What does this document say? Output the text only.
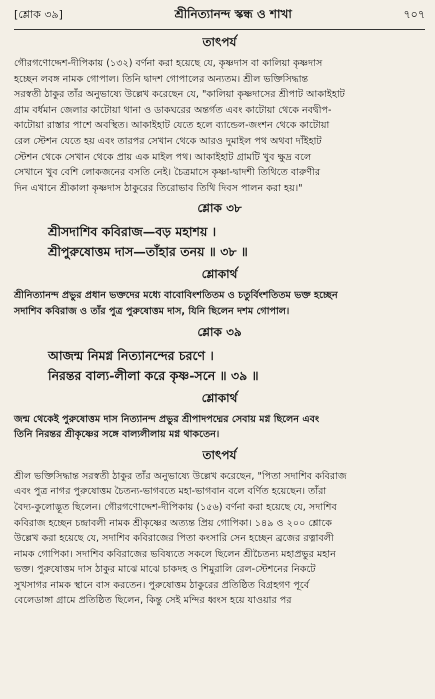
[শ্লোক ৩৯]	শ্রীনিত্যানন্দ স্কন্ধ ও শাখা	৭০৭
তাৎপর্য

গৌরগণোদ্দেশ-দীপিকায় (১৩২) বর্ণনা করা হয়েছে যে, কৃষ্ণদাস বা কালিয়া কৃষ্ণদাস

হচ্ছেন লবঙ্গ নামক গোপাল। তিনি দ্বাদশ গোপালের অন্যতম। শ্রীল ভক্তিসিদ্ধান্ত

সরস্বতী ঠাকুর তাঁর অনুভাষ্যে উল্লেখ করেছেন যে, "কালিয়া কৃষ্ণদাসের শ্রীপাট আকাইহাট

গ্রাম বর্ধমান জেলার কাটোয়া থানা ও ডাকঘরের অন্তর্গত এবং কাটোয়া থেকে নবদ্বীপ-

কাটোয়া রাস্তার পাশে অবস্থিত। আকাইহাট যেতে হলে ব্যান্ডেল-জংশন থেকে কাটোয়া

রেল স্টেশন যেতে হয় এবং তারপর সেখান থেকে আরও দুমাইল পথ অথবা দাঁইহাট

স্টেশন থেকে সেখান থেকে প্রায় এক মাইল পথ। আকাইহাট গ্রামটি খুব ক্ষুদ্র বলে

সেখানে খুব বেশি লোকজনের বসতি নেই। চৈত্রমাসে কৃষ্ণা-দ্বাদশী তিথিতে বারুণীর

দিন এখানে শ্রীকালা কৃষ্ণদাস ঠাকুরের তিরোভাব তিথি দিবস পালন করা হয়।"

শ্লোক ৩৮
শ্রীসদাশিব কবিরাজ—বড় মহাশয় ।
শ্রীপুরুষোত্তম দাস—তাঁহার তনয় ॥ ৩৮ ॥
শ্লোকার্থ

শ্রীনিত্যানন্দ প্রভুর প্রধান ভক্তদের মধ্যে বাবোবিংশতিতম ও চতুর্বিংশতিতম ভক্ত হচ্ছেন

সদাশিব কবিরাজ ও তাঁর পুত্র পুরুষোত্তম দাস, যিনি ছিলেন দশম গোপাল।

শ্লোক ৩৯
আজন্ম নিমগ্ন নিত্যানন্দের চরণে ।
নিরন্তর বাল্য-লীলা করে কৃষ্ণ-সনে ॥ ৩৯ ॥
শ্লোকার্থ

জন্ম থেকেই পুরুষোত্তম দাস নিত্যানন্দ প্রভুর শ্রীপাদপদ্মের সেবায় মগ্ন ছিলেন এবং

তিনি নিরন্তর শ্রীকৃষ্ণের সঙ্গে বাল্যলীলায় মগ্ন থাকতেন।

তাৎপর্য

শ্রীল ভক্তিসিদ্ধান্ত সরস্বতী ঠাকুর তাঁর অনুভাষ্যে উল্লেখ করেছেন, "পিতা সদাশিব কবিরাজ

এবং পুত্র নাগর পুরুষোত্তম চৈতন্য-ভাগবতে মহা-ভাগবান বলে বর্ণিত হয়েছেন। তাঁরা

বৈদ্য-কুলোদ্ভূত ছিলেন। গৌরগণোদ্দেশ-দীপিকায় (১৫৬) বর্ণনা করা হয়েছে যে, সদাশিব

কবিরাজ হচ্ছেন চন্দ্রাবলী নামক শ্রীকৃষ্ণের অত্যন্ত প্রিয় গোপিকা। ১৪৯ ও ২০০ শ্লোকে

উল্লেখ করা হয়েছে যে, সদাশিব কবিরাজের পিতা কংসারি সেন হচ্ছেন ব্রজের রত্নাবলী

নামক গোপিকা। সদাশিব কবিরাজের ভবিষ্যতে সকলে ছিলেন শ্রীচৈতন্য মহাপ্রভুর মহান

ভক্ত। পুরুষোত্তম দাস ঠাকুর মাঝে মাঝে চাকদহ ও শিমুরালি রেল-স্টেশনের নিকটে

সুখসাগর নামক স্থানে বাস করতেন। পুরুষোত্তম ঠাকুরের প্রতিষ্ঠিত বিগ্রহগণ পূর্বে

বেলেডাঙ্গা গ্রামে প্রতিষ্ঠিত ছিলেন, কিন্তু সেই মন্দির ধ্বংস হয়ে যাওয়ার পর
